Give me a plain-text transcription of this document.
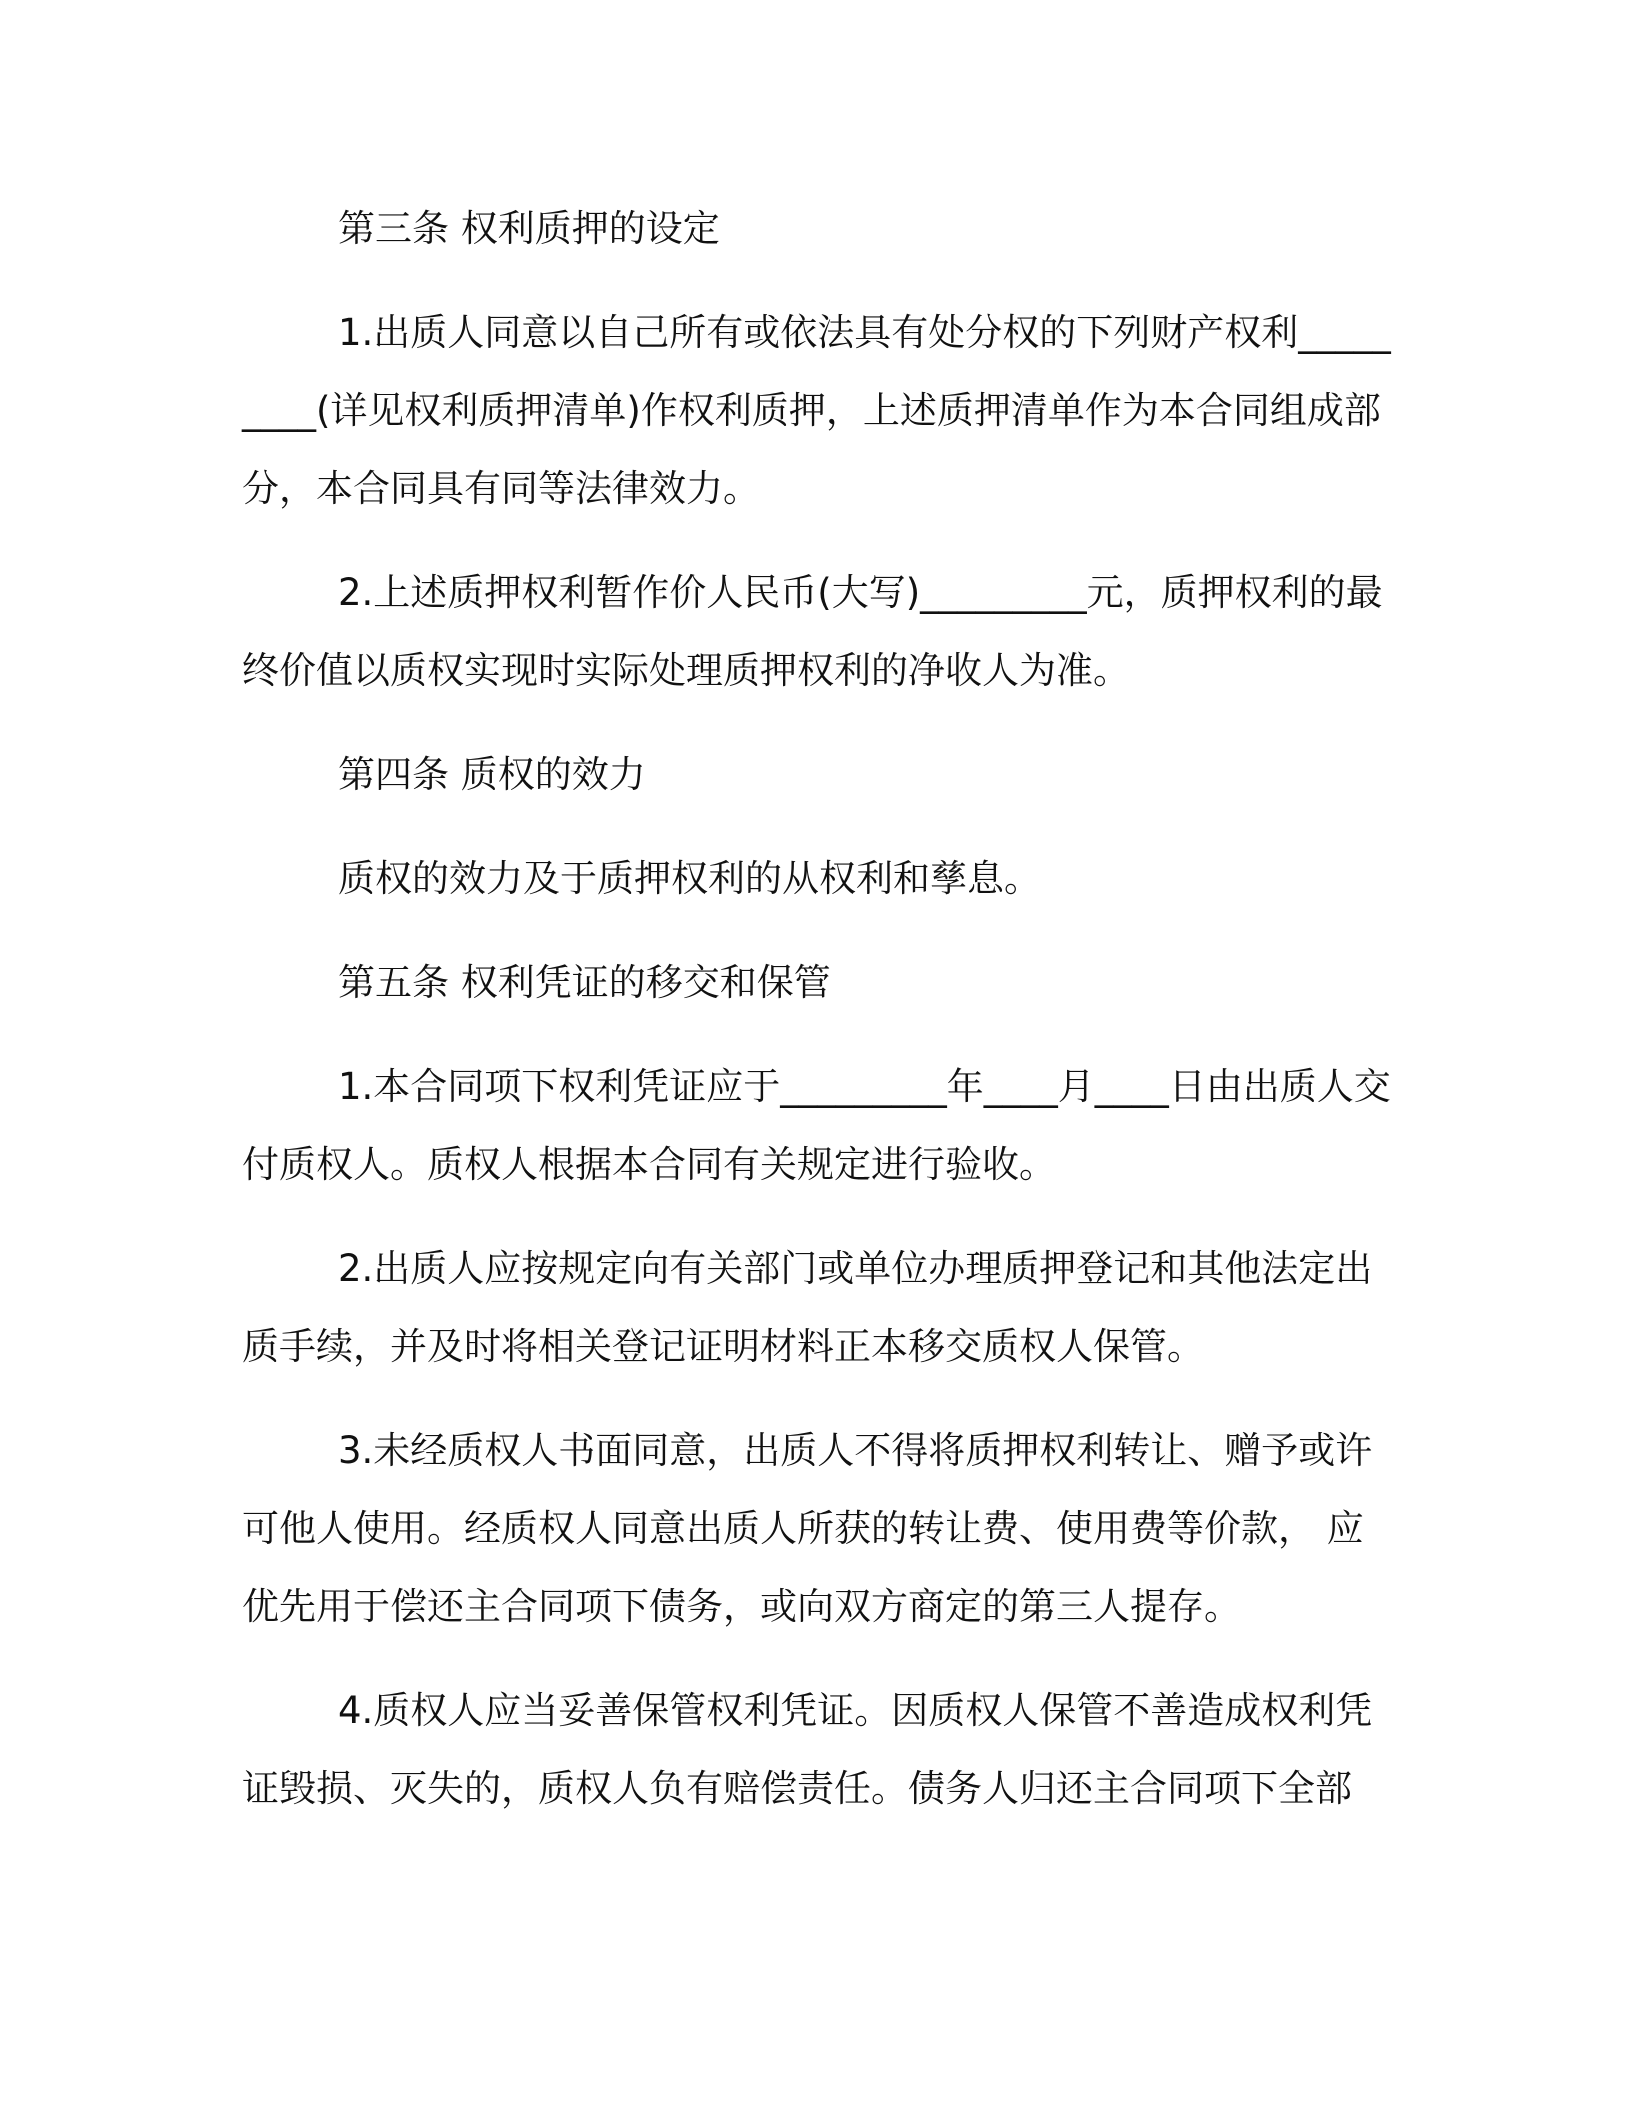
第三条 权利质押的设定

1.出质人同意以自己所有或依法具有处分权的下列财产权利_________(详见权利质押清单)作权利质押，上述质押清单作为本合同组成部分，本合同具有同等法律效力。

2.上述质押权利暂作价人民币(大写)_________元，质押权利的最终价值以质权实现时实际处理质押权利的净收人为准。

第四条 质权的效力

质权的效力及于质押权利的从权利和孳息。

第五条 权利凭证的移交和保管

1.本合同项下权利凭证应于_________年____月____日由出质人交付质权人。质权人根据本合同有关规定进行验收。

2.出质人应按规定向有关部门或单位办理质押登记和其他法定出质手续，并及时将相关登记证明材料正本移交质权人保管。

3.未经质权人书面同意，出质人不得将质押权利转让、赠予或许可他人使用。经质权人同意出质人所获的转让费、使用费等价款， 应优先用于偿还主合同项下债务，或向双方商定的第三人提存。

4.质权人应当妥善保管权利凭证。因质权人保管不善造成权利凭证毁损、灭失的，质权人负有赔偿责任。债务人归还主合同项下全部
